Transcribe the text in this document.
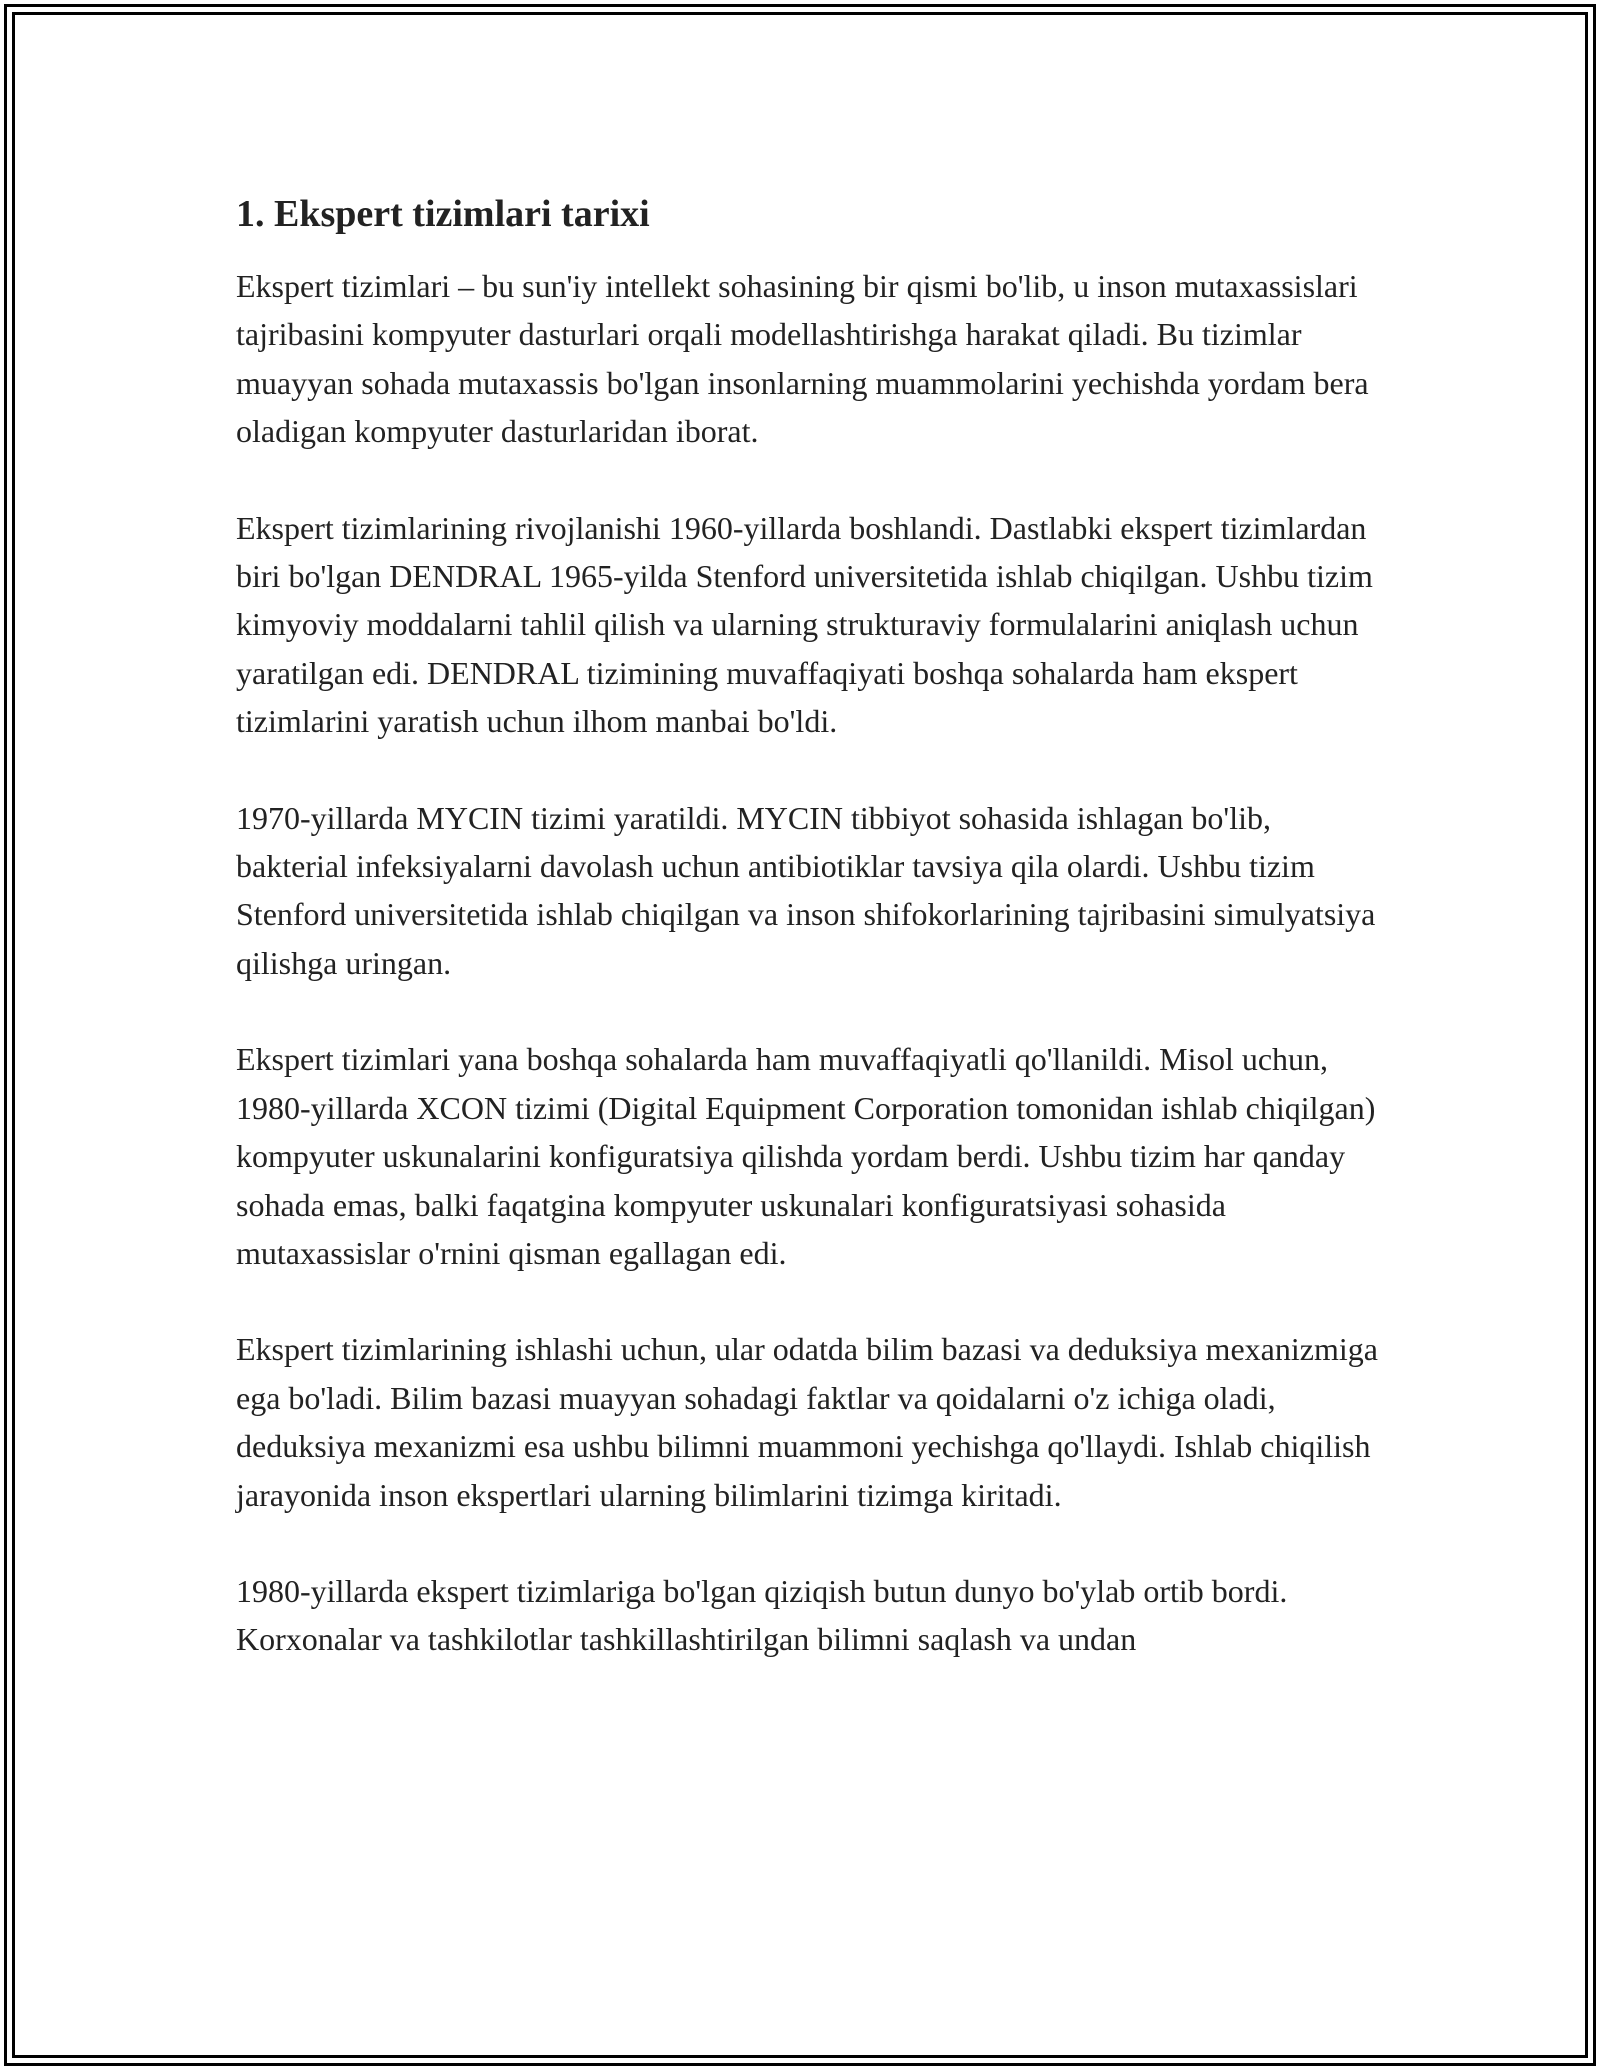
1. Ekspert tizimlari tarixi

Ekspert tizimlari – bu sun'iy intellekt sohasining bir qismi bo'lib, u inson mutaxassislari tajribasini kompyuter dasturlari orqali modellashtirishga harakat qiladi. Bu tizimlar muayyan sohada mutaxassis bo'lgan insonlarning muammolarini yechishda yordam bera oladigan kompyuter dasturlaridan iborat.

Ekspert tizimlarining rivojlanishi 1960-yillarda boshlandi. Dastlabki ekspert tizimlardan biri bo'lgan DENDRAL 1965-yilda Stenford universitetida ishlab chiqilgan. Ushbu tizim kimyoviy moddalarni tahlil qilish va ularning strukturaviy formulalarini aniqlash uchun yaratilgan edi. DENDRAL tizimining muvaffaqiyati boshqa sohalarda ham ekspert tizimlarini yaratish uchun ilhom manbai bo'ldi.

1970-yillarda MYCIN tizimi yaratildi. MYCIN tibbiyot sohasida ishlagan bo'lib, bakterial infeksiyalarni davolash uchun antibiotiklar tavsiya qila olardi. Ushbu tizim Stenford universitetida ishlab chiqilgan va inson shifokorlarining tajribasini simulyatsiya qilishga uringan.

Ekspert tizimlari yana boshqa sohalarda ham muvaffaqiyatli qo'llanildi. Misol uchun, 1980-yillarda XCON tizimi (Digital Equipment Corporation tomonidan ishlab chiqilgan) kompyuter uskunalarini konfiguratsiya qilishda yordam berdi. Ushbu tizim har qanday sohada emas, balki faqatgina kompyuter uskunalari konfiguratsiyasi sohasida mutaxassislar o'rnini qisman egallagan edi.

Ekspert tizimlarining ishlashi uchun, ular odatda bilim bazasi va deduksiya mexanizmiga ega bo'ladi. Bilim bazasi muayyan sohadagi faktlar va qoidalarni o'z ichiga oladi, deduksiya mexanizmi esa ushbu bilimni muammoni yechishga qo'llaydi. Ishlab chiqilish jarayonida inson ekspertlari ularning bilimlarini tizimga kiritadi.

1980-yillarda ekspert tizimlariga bo'lgan qiziqish butun dunyo bo'ylab ortib bordi. Korxonalar va tashkilotlar tashkillashtirilgan bilimni saqlash va undan
